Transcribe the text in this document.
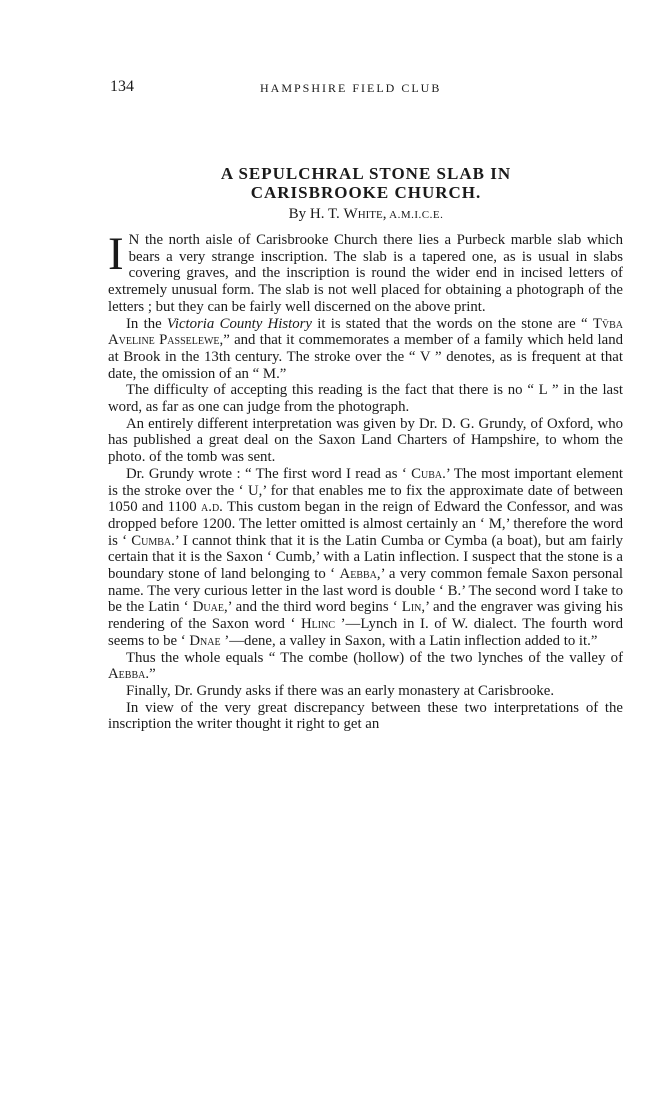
134	HAMPSHIRE FIELD CLUB
A SEPULCHRAL STONE SLAB IN
CARISBROOKE CHURCH.
By H. T. White, A.M.I.C.E.

I N the north aisle of Carisbrooke Church there lies a Purbeck marble slab which bears a very strange inscription. The slab is a tapered one, as is usual in slabs covering graves, and the inscription is round the wider end in incised letters of extremely unusual form. The slab is not well placed for obtaining a photograph of the letters ; but they can be fairly well discerned on the above print.

In the Victoria County History it is stated that the words on the stone are “ Tv̄ba Aveline Passelewe,” and that it commemorates a member of a family which held land at Brook in the 13th century. The stroke over the “ V ” denotes, as is frequent at that date, the omission of an “ M.”

The difficulty of accepting this reading is the fact that there is no “ L ” in the last word, as far as one can judge from the photograph.

An entirely different interpretation was given by Dr. D. G. Grundy, of Oxford, who has published a great deal on the Saxon Land Charters of Hampshire, to whom the photo. of the tomb was sent.

Dr. Grundy wrote : “ The first word I read as ‘ Cuba.’ The most important element is the stroke over the ‘ U,’ for that enables me to fix the approximate date of between 1050 and 1100 a.d. This custom began in the reign of Edward the Confessor, and was dropped before 1200. The letter omitted is almost certainly an ‘ M,’ therefore the word is ‘ Cumba.’ I cannot think that it is the Latin Cumba or Cymba (a boat), but am fairly certain that it is the Saxon ‘ Cumb,’ with a Latin inflection. I suspect that the stone is a boundary stone of land belonging to ‘ Aebba,’ a very common female Saxon personal name. The very curious letter in the last word is double ‘ B.’ The second word I take to be the Latin ‘ Duae,’ and the third word begins ‘ Lin,’ and the engraver was giving his rendering of the Saxon word ‘ Hlinc ’—Lynch in I. of W. dialect. The fourth word seems to be ‘ Dnae ’—dene, a valley in Saxon, with a Latin inflection added to it.”

Thus the whole equals “ The combe (hollow) of the two lynches of the valley of Aebba.”

Finally, Dr. Grundy asks if there was an early monastery at Carisbrooke.

In view of the very great discrepancy between these two interpretations of the inscription the writer thought it right to get an
